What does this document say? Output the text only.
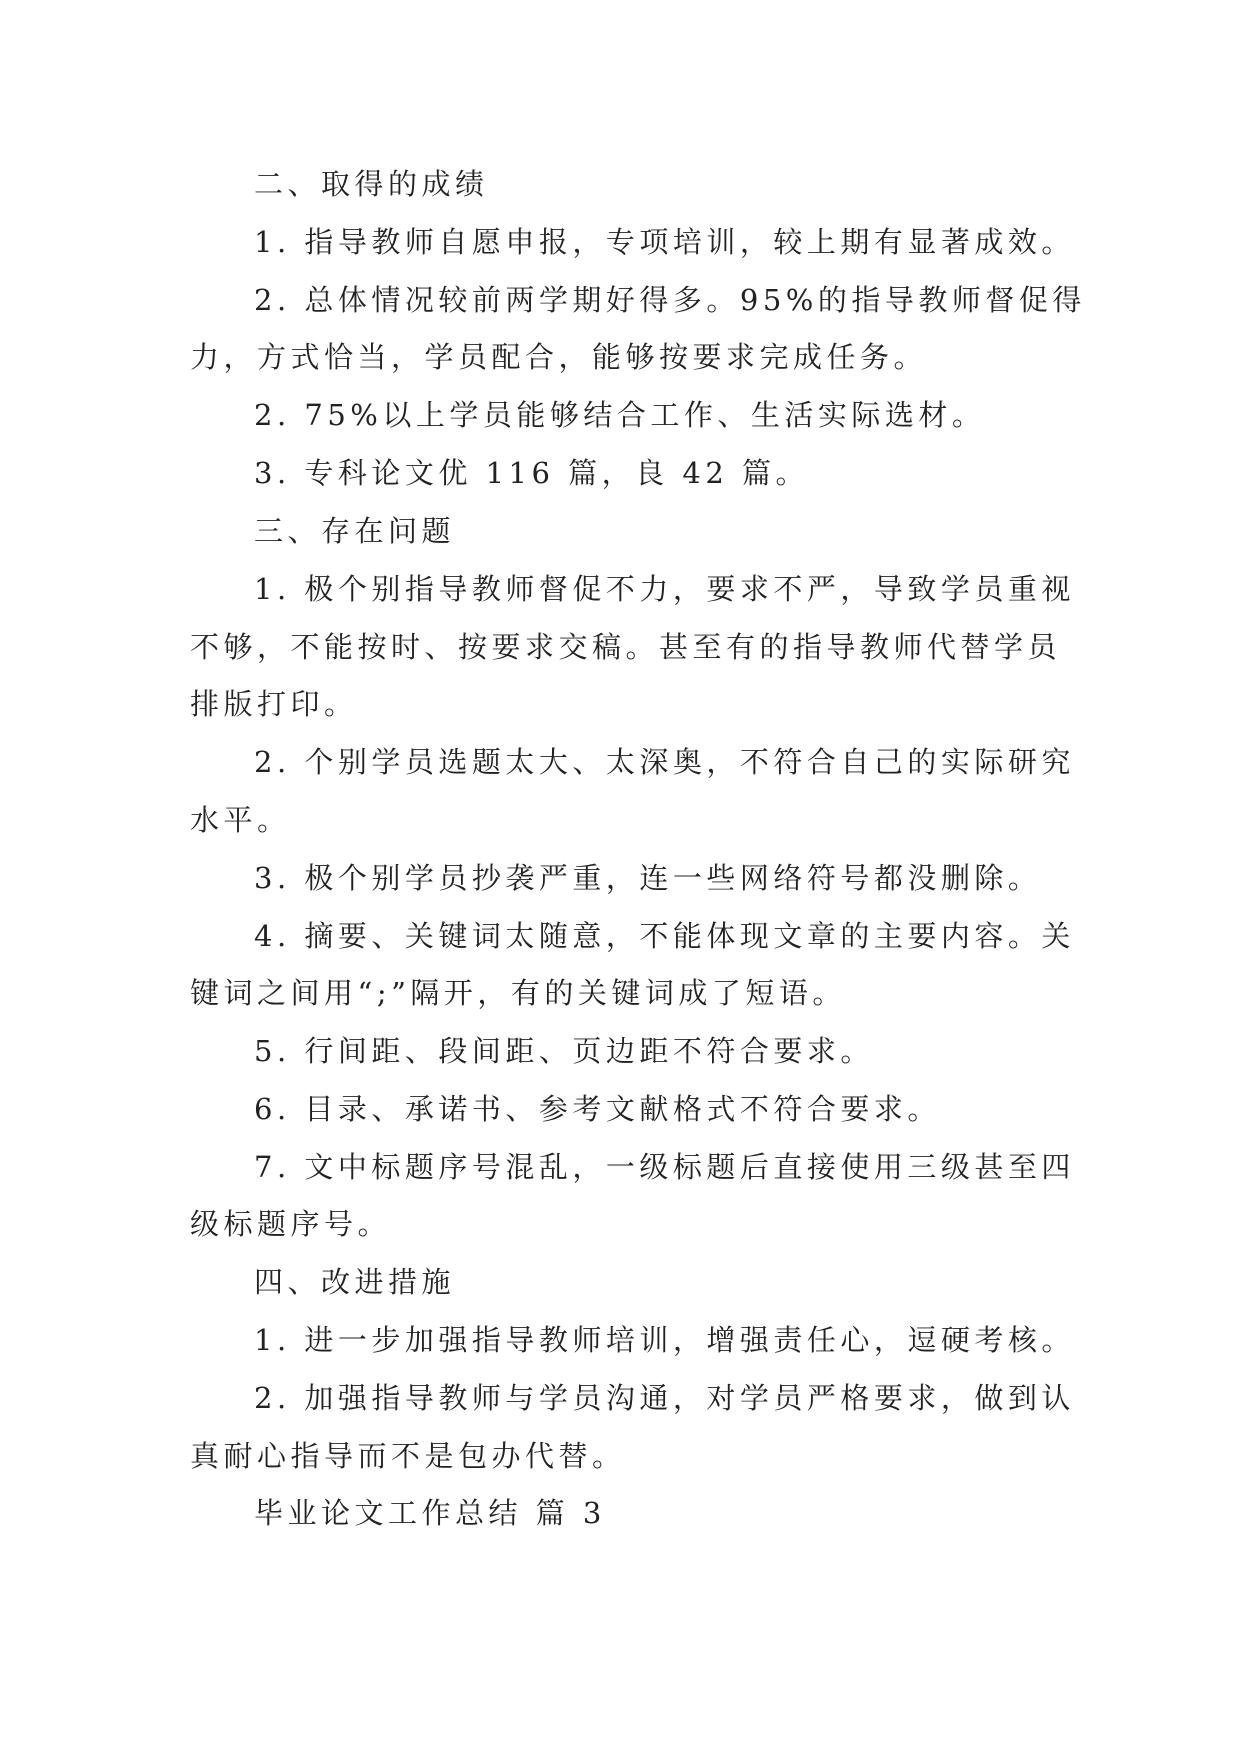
二、取得的成绩
1. 指导教师自愿申报，专项培训，较上期有显著成效。
2. 总体情况较前两学期好得多。95%的指导教师督促得
力，方式恰当，学员配合，能够按要求完成任务。
2. 75%以上学员能够结合工作、生活实际选材。
3. 专科论文优 116 篇，良 42 篇。
三、存在问题
1. 极个别指导教师督促不力，要求不严，导致学员重视
不够，不能按时、按要求交稿。甚至有的指导教师代替学员
排版打印。
2. 个别学员选题太大、太深奥，不符合自己的实际研究
水平。
3. 极个别学员抄袭严重，连一些网络符号都没删除。
4. 摘要、关键词太随意，不能体现文章的主要内容。关
键词之间用“;”隔开，有的关键词成了短语。
5. 行间距、段间距、页边距不符合要求。
6. 目录、承诺书、参考文献格式不符合要求。
7. 文中标题序号混乱，一级标题后直接使用三级甚至四
级标题序号。
四、改进措施
1. 进一步加强指导教师培训，增强责任心，逗硬考核。
2. 加强指导教师与学员沟通，对学员严格要求，做到认
真耐心指导而不是包办代替。
毕业论文工作总结 篇 3
